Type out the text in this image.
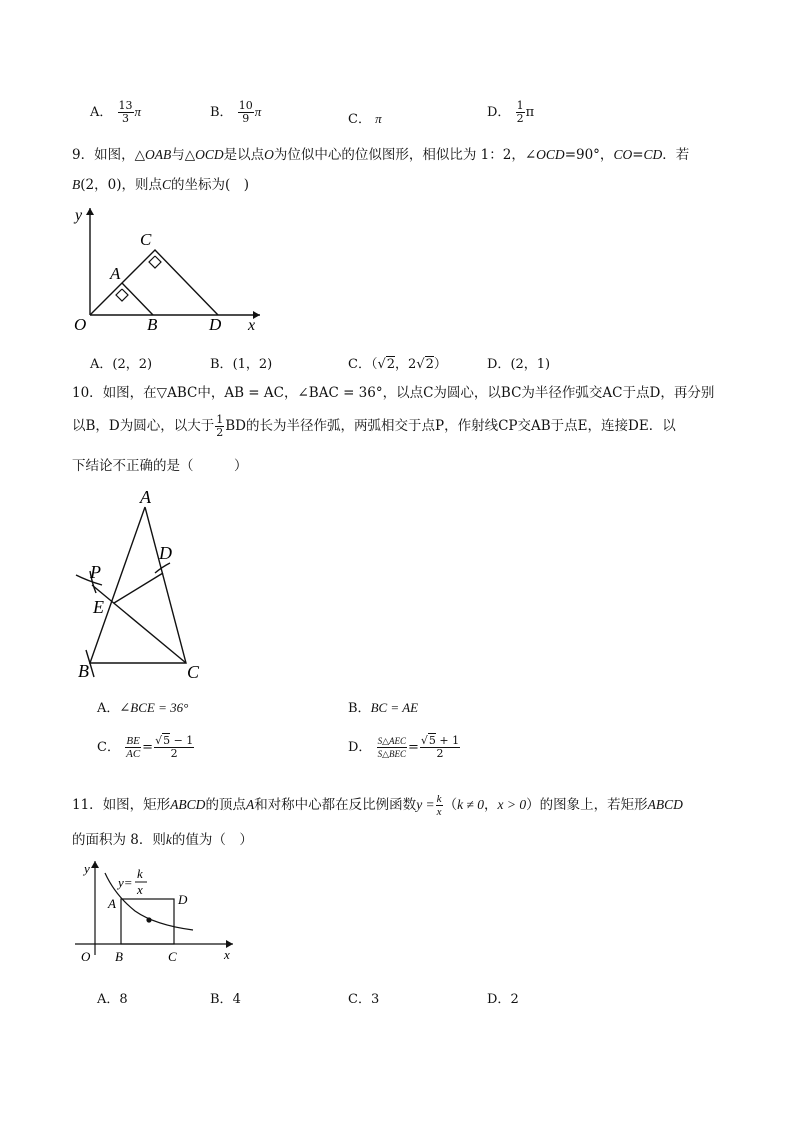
A． $\frac{13}{3}$ π	B． $\frac{10}{9}$ π
C． π	D． $\frac{1}{2}$ π
9．如图，△OAB与△OCD是以点O为位似中心的位似图形，相似比为 1：2，∠OCD=90°，CO=CD．若
B(2，0)，则点C的坐标为(　)
y
x
O
A
B
C
D
A．(2，2)	B．(1，2)	C．（√2，2√2）	D．(2，1)
10．如图，在▽ABC中，AB = AC，∠BAC = 36°，以点C为圆心，以BC为半径作弧交AC于点D，再分别
以B，D为圆心，以大于 $\frac{1}{2}$ BD的长为半径作弧，两弧相交于点P，作射线CP交AB于点E，连接DE．以
下结论不正确的是（　　　）
A
B	C
D
E
P
A．∠BCE = 36°	B．BC = AE
C． $\frac{BE}{AC} = \frac{√5 - 1}{2}$	D． $\frac{\text{S△AEC}}{\text{S△BEC}} = \frac{√5 + 1}{2}$
11．如图，矩形ABCD的顶点A和对称中心都在反比例函数$y = \frac{k}{x} (k \ne 0$，x > 0）的图象上，若矩形ABCD
的面积为 8．则k的值为（　）
y
x
O
A
B	C
D
y=
k
x
A．8	B．4	C．3	D．2
